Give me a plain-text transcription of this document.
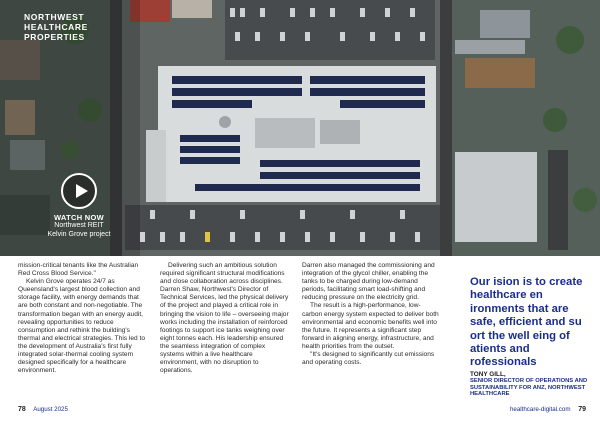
NORTHWEST HEALTHCARE PROPERTIES
WATCH NOW
Northwest REIT
Kelvin Grove project

mission-critical tenants like the Australian Red Cross Blood Service."

Kelvin Grove operates 24/7 as Queensland's largest blood collection and storage facility, with energy demands that are both constant and non-negotiable. The transformation began with an energy audit, revealing opportunities to reduce consumption and rethink the building's thermal and electrical strategies. This led to the development of Australia's first fully integrated solar-thermal cooling system designed specifically for a healthcare environment.

Delivering such an ambitious solution required significant structural modifications and close collaboration across disciplines. Darren Shaw, Northwest's Director of Technical Services, led the physical delivery of the project and played a critical role in bringing the vision to life – overseeing major works including the installation of reinforced footings to support ice tanks weighing over eight tonnes each. His leadership ensured the seamless integration of complex systems within a live healthcare environment, with no disruption to operations.

Darren also managed the commissioning and integration of the glycol chiller, enabling the tanks to be charged during low-demand periods, facilitating smart load-shifting and reducing pressure on the electricity grid.

The result is a high-performance, low-carbon energy system expected to deliver both environmental and economic benefits well into the future. It represents a significant step forward in aligning energy, infrastructure, and health priorities from the outset.

"It's designed to significantly cut emissions and operating costs.

Our ision is to create healthcare en ironments that are safe, efficient and su ort the well eing of atients and rofessionals
TONY GILL,
SENIOR DIRECTOR OF OPERATIONS AND SUSTAINABILITY FOR ANZ, NORTHWEST HEALTHCARE
78 August 2025	healthcare-digital.com 79
